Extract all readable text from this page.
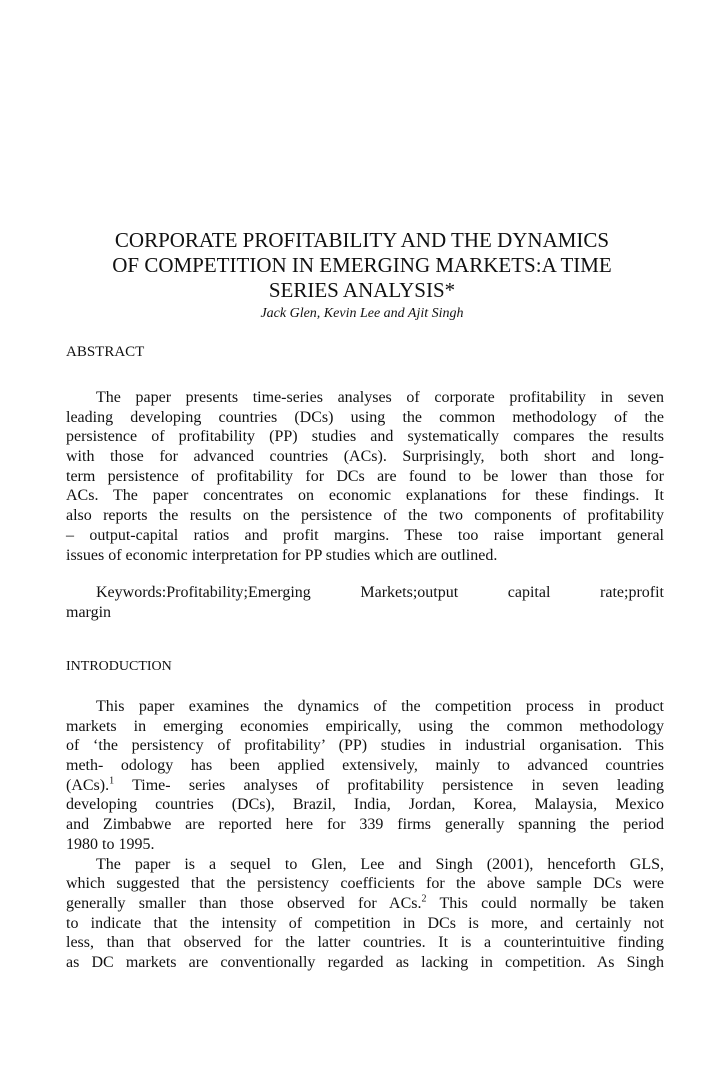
CORPORATE PROFITABILITY AND THE DYNAMICS
OF COMPETITION IN EMERGING MARKETS:A TIME
SERIES ANALYSIS*
Jack Glen, Kevin Lee and Ajit Singh
ABSTRACT
The paper presents time-series analyses of corporate profitability in seven
leading developing countries (DCs) using the common methodology of the
persistence of profitability (PP) studies and systematically compares the results
with those for advanced countries (ACs). Surprisingly, both short and long-
term persistence of profitability for DCs are found to be lower than those for
ACs. The paper concentrates on economic explanations for these findings. It
also reports the results on the persistence of the two components of profitability
– output-capital ratios and profit margins. These too raise important general
issues of economic interpretation for PP studies which are outlined.
Keywords:Profitability;Emerging Markets;output capital rate;profit
margin
INTRODUCTION
This paper examines the dynamics of the competition process in product
markets in emerging economies empirically, using the common methodology
of ‘the persistency of profitability’ (PP) studies in industrial organisation. This
meth- odology has been applied extensively, mainly to advanced countries
(ACs).$^1$ Time- series analyses of profitability persistence in seven leading
developing countries (DCs), Brazil, India, Jordan, Korea, Malaysia, Mexico
and Zimbabwe are reported here for 339 firms generally spanning the period
1980 to 1995.
The paper is a sequel to Glen, Lee and Singh (2001), henceforth GLS,
which suggested that the persistency coefficients for the above sample DCs were
generally smaller than those observed for ACs.$^2$ This could normally be taken
to indicate that the intensity of competition in DCs is more, and certainly not
less, than that observed for the latter countries. It is a counterintuitive finding
as DC markets are conventionally regarded as lacking in competition. As Singh
